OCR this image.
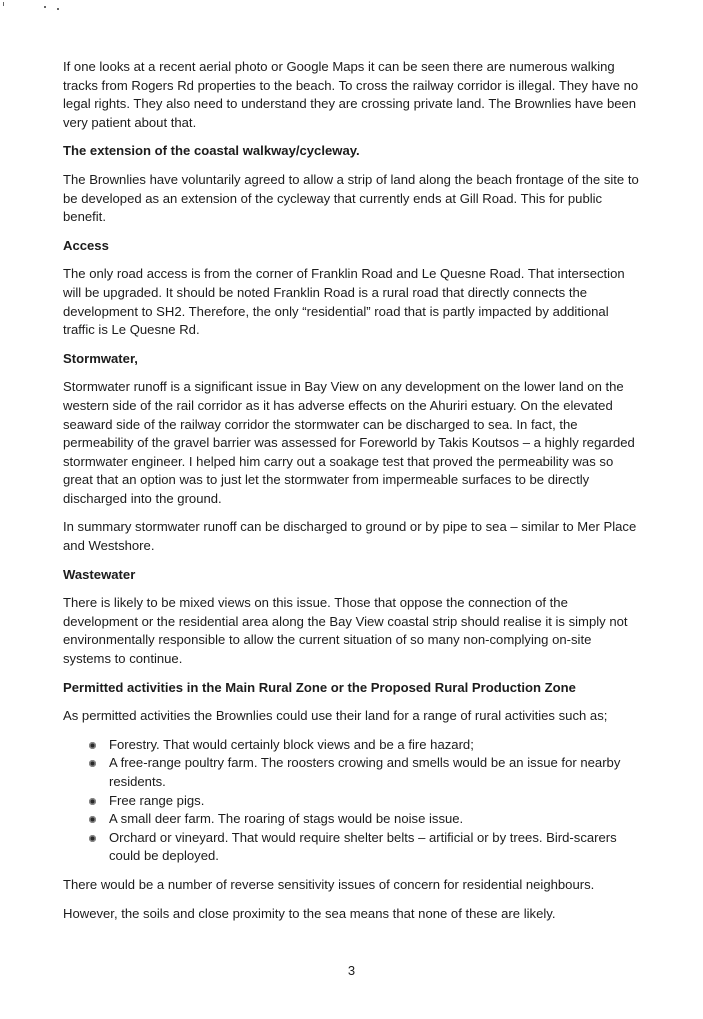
If one looks at a recent aerial photo or Google Maps it can be seen there are numerous walking tracks from Rogers Rd properties to the beach. To cross the railway corridor is illegal. They have no legal rights. They also need to understand they are crossing private land. The Brownlies have been very patient about that.

The extension of the coastal walkway/cycleway.

The Brownlies have voluntarily agreed to allow a strip of land along the beach frontage of the site to be developed as an extension of the cycleway that currently ends at Gill Road. This for public benefit.

Access

The only road access is from the corner of Franklin Road and Le Quesne Road. That intersection will be upgraded. It should be noted Franklin Road is a rural road that directly connects the development to SH2. Therefore, the only “residential” road that is partly impacted by additional traffic is Le Quesne Rd.

Stormwater,

Stormwater runoff is a significant issue in Bay View on any development on the lower land on the western side of the rail corridor as it has adverse effects on the Ahuriri estuary. On the elevated seaward side of the railway corridor the stormwater can be discharged to sea. In fact, the permeability of the gravel barrier was assessed for Foreworld by Takis Koutsos – a highly regarded stormwater engineer. I helped him carry out a soakage test that proved the permeability was so great that an option was to just let the stormwater from impermeable surfaces to be directly discharged into the ground.

In summary stormwater runoff can be discharged to ground or by pipe to sea – similar to Mer Place and Westshore.

Wastewater

There is likely to be mixed views on this issue. Those that oppose the connection of the development or the residential area along the Bay View coastal strip should realise it is simply not environmentally responsible to allow the current situation of so many non-complying on-site systems to continue.

Permitted activities in the Main Rural Zone or the Proposed Rural Production Zone

As permitted activities the Brownlies could use their land for a range of rural activities such as;

Forestry. That would certainly block views and be a fire hazard;
A free-range poultry farm. The roosters crowing and smells would be an issue for nearby residents.
Free range pigs.
A small deer farm. The roaring of stags would be noise issue.
Orchard or vineyard. That would require shelter belts – artificial or by trees. Bird-scarers could be deployed.

There would be a number of reverse sensitivity issues of concern for residential neighbours.

However, the soils and close proximity to the sea means that none of these are likely.

3
